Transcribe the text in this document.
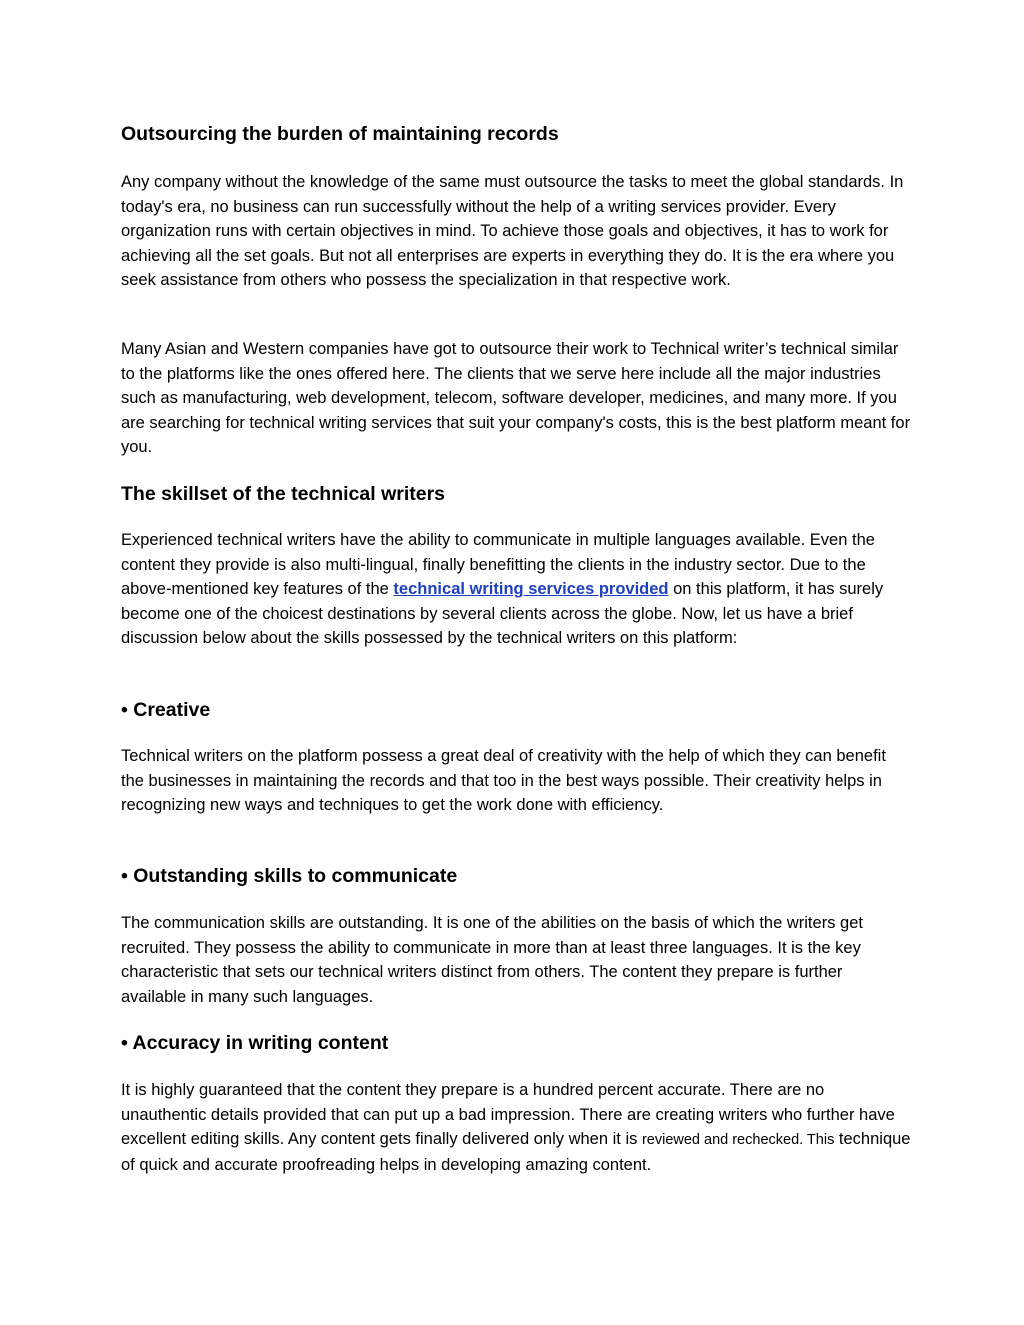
Outsourcing the burden of maintaining records

Any company without the knowledge of the same must outsource the tasks to meet the global standards. In today's era, no business can run successfully without the help of a writing services provider. Every organization runs with certain objectives in mind. To achieve those goals and objectives, it has to work for achieving all the set goals. But not all enterprises are experts in everything they do. It is the era where you seek assistance from others who possess the specialization in that respective work.

Many Asian and Western companies have got to outsource their work to Technical writer’s technical similar to the platforms like the ones offered here. The clients that we serve here include all the major industries such as manufacturing, web development, telecom, software developer, medicines, and many more. If you are searching for technical writing services that suit your company's costs, this is the best platform meant for you.

The skillset of the technical writers

Experienced technical writers have the ability to communicate in multiple languages available. Even the content they provide is also multi-lingual, finally benefitting the clients in the industry sector. Due to the above-mentioned key features of the technical writing services provided on this platform, it has surely become one of the choicest destinations by several clients across the globe. Now, let us have a brief discussion below about the skills possessed by the technical writers on this platform:

• Creative

Technical writers on the platform possess a great deal of creativity with the help of which they can benefit the businesses in maintaining the records and that too in the best ways possible. Their creativity helps in recognizing new ways and techniques to get the work done with efficiency.

• Outstanding skills to communicate

The communication skills are outstanding. It is one of the abilities on the basis of which the writers get recruited. They possess the ability to communicate in more than at least three languages. It is the key characteristic that sets our technical writers distinct from others. The content they prepare is further available in many such languages.

• Accuracy in writing content

It is highly guaranteed that the content they prepare is a hundred percent accurate. There are no unauthentic details provided that can put up a bad impression. There are creating writers who further have excellent editing skills. Any content gets finally delivered only when it is reviewed and rechecked. This technique of quick and accurate proofreading helps in developing amazing content.
